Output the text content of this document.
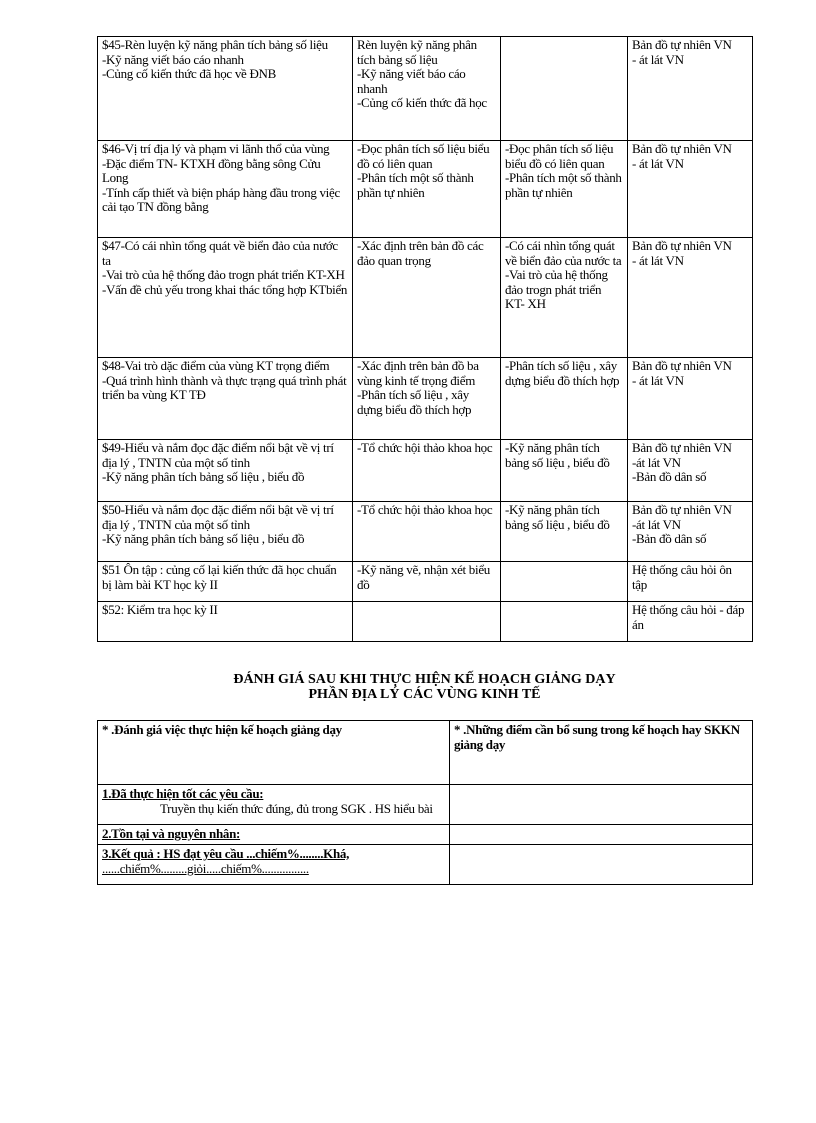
$45-Rèn luyện kỹ năng phân tích bảng số liệu
-Kỹ năng viết báo cáo nhanh
-Củng cố kiến thức đã học về ĐNB	Rèn luyện kỹ năng phân tích bảng số liệu
-Kỹ năng viết báo cáo nhanh
-Củng cố kiến thức đã học		Bản đồ tự nhiên VN
- át lát VN
$46-Vị trí địa lý và phạm vi lãnh thổ của vùng
-Đặc điểm TN- KTXH đồng bằng sông Cửu Long
-Tính cấp thiết và biện pháp hàng đầu trong việc cải tạo TN đồng bằng	-Đọc phân tích số liệu biểu đồ có liên quan
-Phân tích một số thành phần tự nhiên	-Đọc phân tích số liệu biểu đồ có liên quan
-Phân tích một số thành phần tự nhiên	Bản đồ tự nhiên VN
- át lát VN
$47-Có cái nhìn tổng quát về biển đảo của nước ta
-Vai trò của hệ thống đảo trogn phát triển KT-XH
-Vấn đề chủ yếu trong khai thác tổng hợp KTbiển	-Xác định trên bản đồ các đảo quan trọng	-Có cái nhìn tổng quát về biển đảo của nước ta
-Vai trò của hệ thống đảo trogn phát triển KT- XH	Bản đồ tự nhiên VN
- át lát VN
$48-Vai trò dặc điểm của vùng KT trọng điểm
-Quá trình hình thành và thực trạng quá trình phát triển ba vùng KT TĐ	-Xác định trên bản đồ ba vùng kinh tế trọng điểm
-Phân tích số liệu , xây dựng biểu đồ thích hợp	-Phân tích số liệu , xây dựng biểu đồ thích hợp	Bản đồ tự nhiên VN
- át lát VN
$49-Hiểu và nắm đọc đặc điểm nổi bật về vị trí địa lý , TNTN của một số tỉnh
-Kỹ năng phân tích bảng số liệu , biểu đồ	-Tổ chức hội thảo khoa học	-Kỹ năng phân tích bảng số liệu , biểu đồ	Bản đồ tự nhiên VN
-át lát VN
-Bản đồ dân số
$50-Hiểu và nắm đọc đặc điểm nổi bật về vị trí địa lý , TNTN của một số tỉnh
-Kỹ năng phân tích bảng số liệu , biểu đồ	-Tổ chức hội thảo khoa học	-Kỹ năng phân tích bảng số liệu , biểu đồ	Bản đồ tự nhiên VN
-át lát VN
-Bản đồ dân số
$51 Ôn tập : củng cố lại kiến thức đã học chuẩn bị làm bài KT học kỳ II	-Kỹ năng vẽ, nhận xét biểu đồ		Hệ thống câu hỏi ôn tập
$52: Kiểm tra học kỳ II			Hệ thống câu hỏi - đáp án
ĐÁNH GIÁ SAU KHI THỰC HIỆN KẾ HOẠCH GIẢNG DẠY
PHẦN ĐỊA LÝ CÁC VÙNG KINH TẾ
* .Đánh giá việc thực hiện kế hoạch giảng dạy	* .Những điểm cần bổ sung trong kế hoạch hay SKKN giảng dạy
1.Đã thực hiện tốt các yêu cầu:
Truyền thụ kiến thức đúng, đủ trong SGK . HS hiểu bài	

2.Tồn tại và nguyên nhân:	

3.Kết quả : HS đạt yêu cầu ...chiếm%........Khá,
......chiếm%.........giỏi.....chiếm%................	
